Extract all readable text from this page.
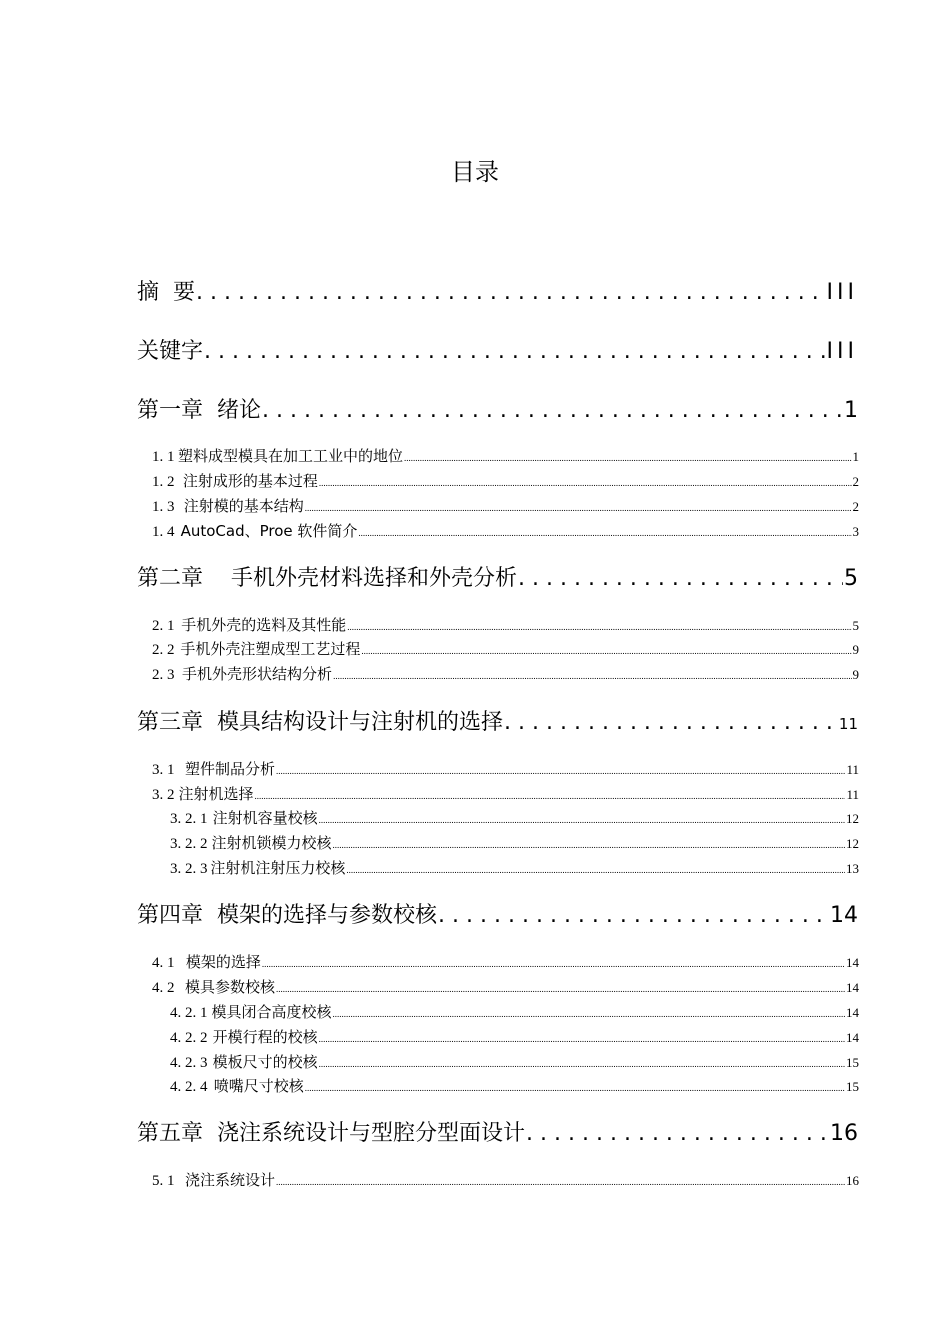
目录
摘  要 .....	III
关键字 .....	III
第一章  绪论 .....	1
1. 1 塑料成型模具在加工工业中的地位 .....	1
1. 2 注射成形的基本过程 .....	2
1. 3 注射模的基本结构 .....	2
1. 4 AutoCad、Proe 软件简介 .....	3
第二章    手机外壳材料选择和外壳分析 .....	5
2. 1 手机外壳的选料及其性能 .....	5
2. 2 手机外壳注塑成型工艺过程 .....	9
2. 3 手机外壳形状结构分析 .....	9
第三章  模具结构设计与注射机的选择 .....	11
3. 1 塑件制品分析 .....	11
3. 2 注射机选择 .....	11
3. 2. 1 注射机容量校核 .....	12
3. 2. 2 注射机锁模力校核 .....	12
3. 2. 3 注射机注射压力校核 .....	13
第四章  模架的选择与参数校核 .....	14
4. 1 模架的选择 .....	14
4. 2 模具参数校核 .....	14
4. 2. 1 模具闭合高度校核 .....	14
4. 2. 2 开模行程的校核 .....	14
4. 2. 3 模板尺寸的校核 .....	15
4. 2. 4 喷嘴尺寸校核 .....	15
第五章  浇注系统设计与型腔分型面设计 .....	16
5. 1 浇注系统设计 .....	16
